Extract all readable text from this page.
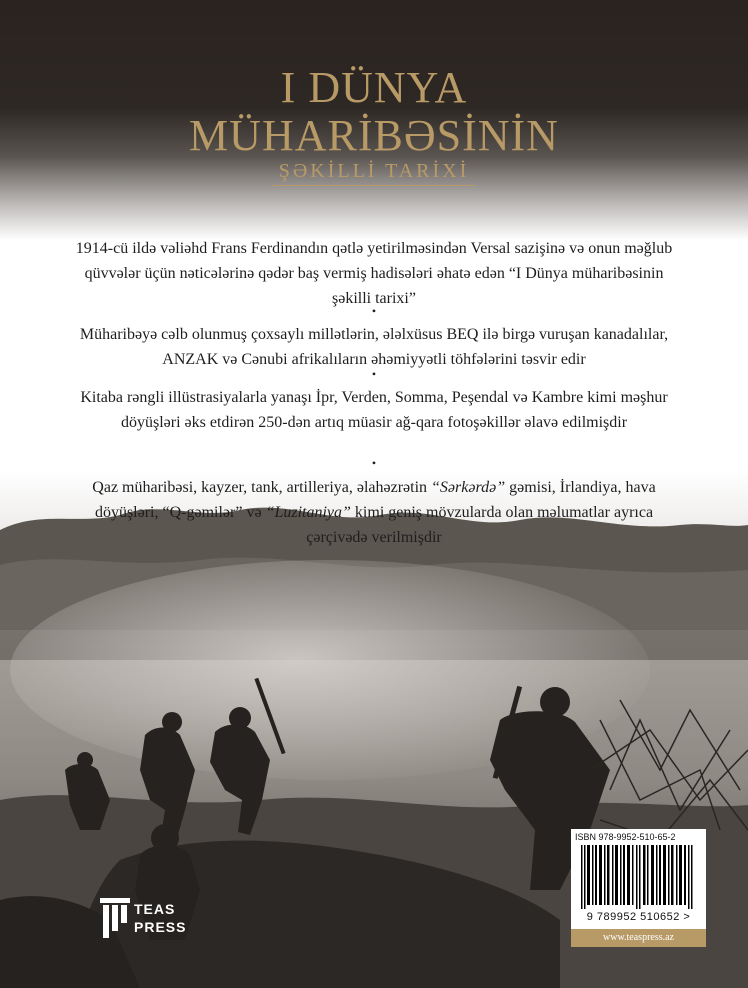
I DÜNYA
MÜHARİBƏSİNİN
ŞƏKİLLİ TARİXİ
1914-cü ildə vəliəhd Frans Ferdinandın qətlə yetirilməsindən Versal sazişinə və onun məğlub qüvvələr üçün nəticələrinə qədər baş vermiş hadisələri əhatə edən “I Dünya müharibəsinin şəkilli tarixi”
•
Müharibəyə cəlb olunmuş çoxsaylı millətlərin, ələlxüsus BEQ ilə birgə vuruşan kanadalılar, ANZAK və Cənubi afrikalıların əhəmiyyətli töhfələrini təsvir edir
•
Kitaba rəngli illüstrasiyalarla yanaşı İpr, Verden, Somma, Peşendal və Kambre kimi məşhur döyüşləri əks etdirən 250-dən artıq müasir ağ-qara fotoşəkillər əlavə edilmişdir
•
Qaz müharibəsi, kayzer, tank, artilleriya, əlahəzrətin “Sərkərdə” gəmisi, İrlandiya, hava döyüşləri, “Q-gəmilər” və “Luzitaniya” kimi geniş mövzularda olan məlumatlar ayrıca çərçivədə verilmişdir
TEAS
PRESS
ISBN 978-9952-510-65-2
9 789952 510652 >
www.teaspress.az
